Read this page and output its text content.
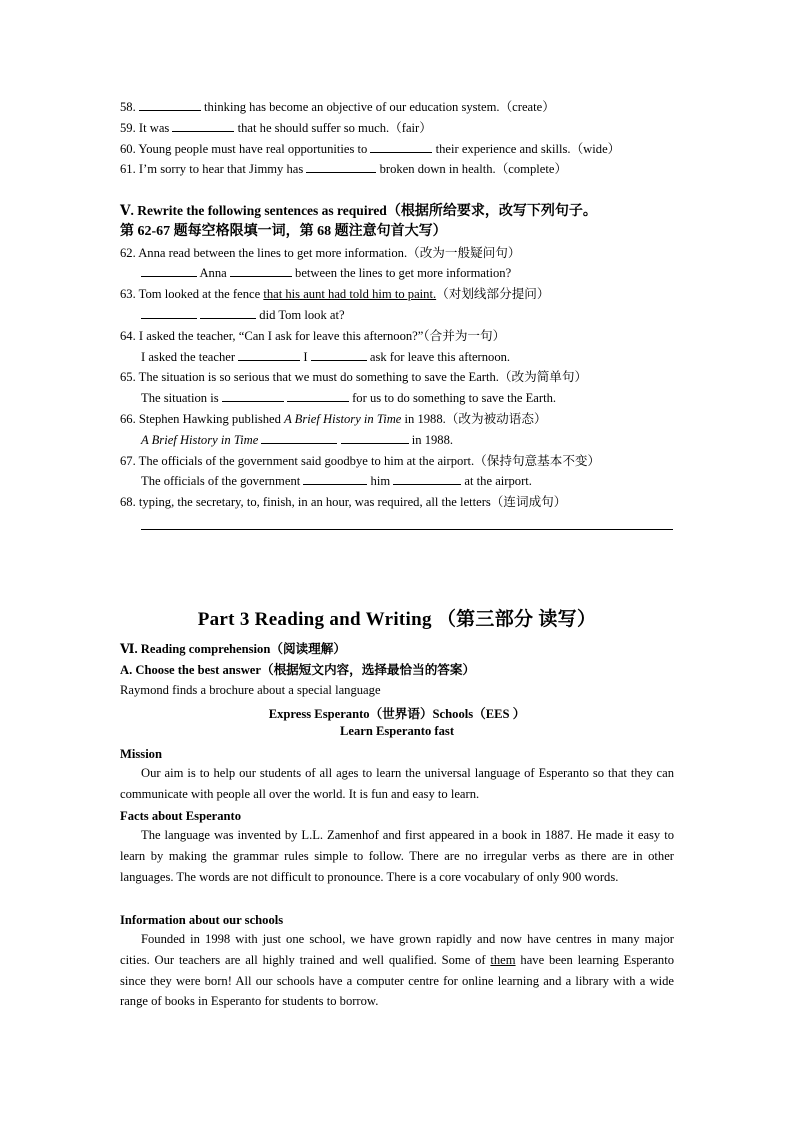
58.	thinking has become an objective of our education system.（create）
59. It was	that he should suffer so much.（fair）
60. Young people must have real opportunities to	their experience and skills.（wide）
61. I’m sorry to hear that Jimmy has	broken down in health.（complete）
Ⅴ. Rewrite the following sentences as required（根据所给要求，改写下列句子。
第 62-67 题每空格限填一词，第 68 题注意句首大写）
62. Anna read between the lines to get more information.（改为一般疑问句）
Anna	between the lines to get more information?
63. Tom looked at the fence that his aunt had told him to paint.（对划线部分提问）
did Tom look at?
64. I asked the teacher, “Can I ask for leave this afternoon?”（合并为一句）
I asked the teacher	I	ask for leave this afternoon.
65. The situation is so serious that we must do something to save the Earth.（改为简单句）
The situation is	for us to do something to save the Earth.
66. Stephen Hawking published A Brief History in Time in 1988.（改为被动语态）
A Brief History in Time	in 1988.
67. The officials of the government said goodbye to him at the airport.（保持句意基本不变）
The officials of the government	him	at the airport.
68. typing, the secretary, to, finish, in an hour, was required, all the letters（连词成句）
Part 3 Reading and Writing （第三部分 读写）
Ⅵ. Reading comprehension（阅读理解）
A. Choose the best answer（根据短文内容，选择最恰当的答案）
Raymond finds a brochure about a special language
Express Esperanto（世界语）Schools（EES ）
Learn Esperanto fast
Mission

Our aim is to help our students of all ages to learn the universal language of Esperanto so that they can communicate with people all over the world. It is fun and easy to learn.

Facts about Esperanto

The language was invented by L.L. Zamenhof and first appeared in a book in 1887. He made it easy to learn by making the grammar rules simple to follow. There are no irregular verbs as there are in other languages. The words are not difficult to pronounce. There is a core vocabulary of only 900 words.

Information about our schools

Founded in 1998 with just one school, we have grown rapidly and now have centres in many major cities. Our teachers are all highly trained and well qualified. Some of them have been learning Esperanto since they were born! All our schools have a computer centre for online learning and a library with a wide range of books in Esperanto for students to borrow.
